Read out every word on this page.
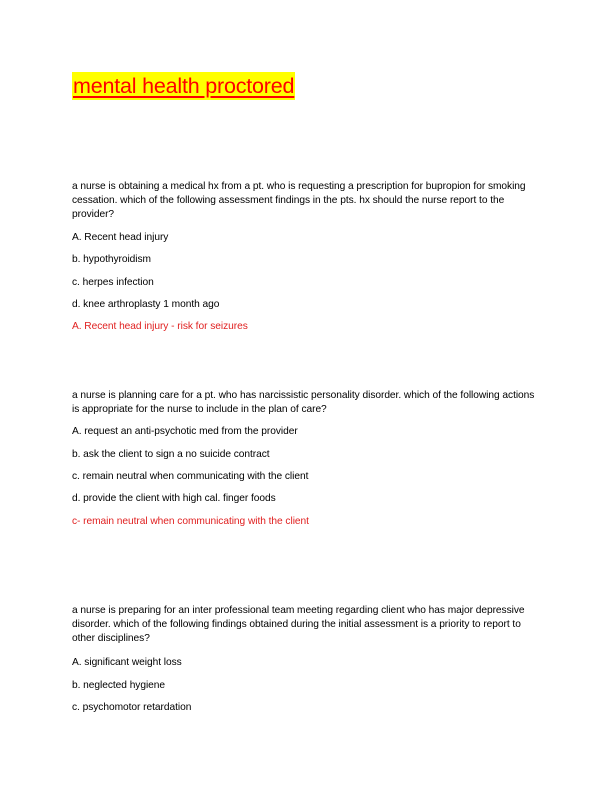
mental health proctored
a nurse is obtaining a medical hx from a pt. who is requesting a prescription for bupropion for smoking cessation. which of the following assessment findings in the pts. hx should the nurse report to the provider?
A. Recent head injury
b. hypothyroidism
c. herpes infection
d. knee arthroplasty 1 month ago
A. Recent head injury - risk for seizures
a nurse is planning care for a pt. who has narcissistic personality disorder. which of the following actions is appropriate for the nurse to include in the plan of care?
A. request an anti-psychotic med from the provider
b. ask the client to sign a no suicide contract
c. remain neutral when communicating with the client
d. provide the client with high cal. finger foods
c- remain neutral when communicating with the client
a nurse is preparing for an inter professional team meeting regarding client who has major depressive disorder. which of the following findings obtained during the initial assessment is a priority to report to other disciplines?
A. significant weight loss
b. neglected hygiene
c. psychomotor retardation
